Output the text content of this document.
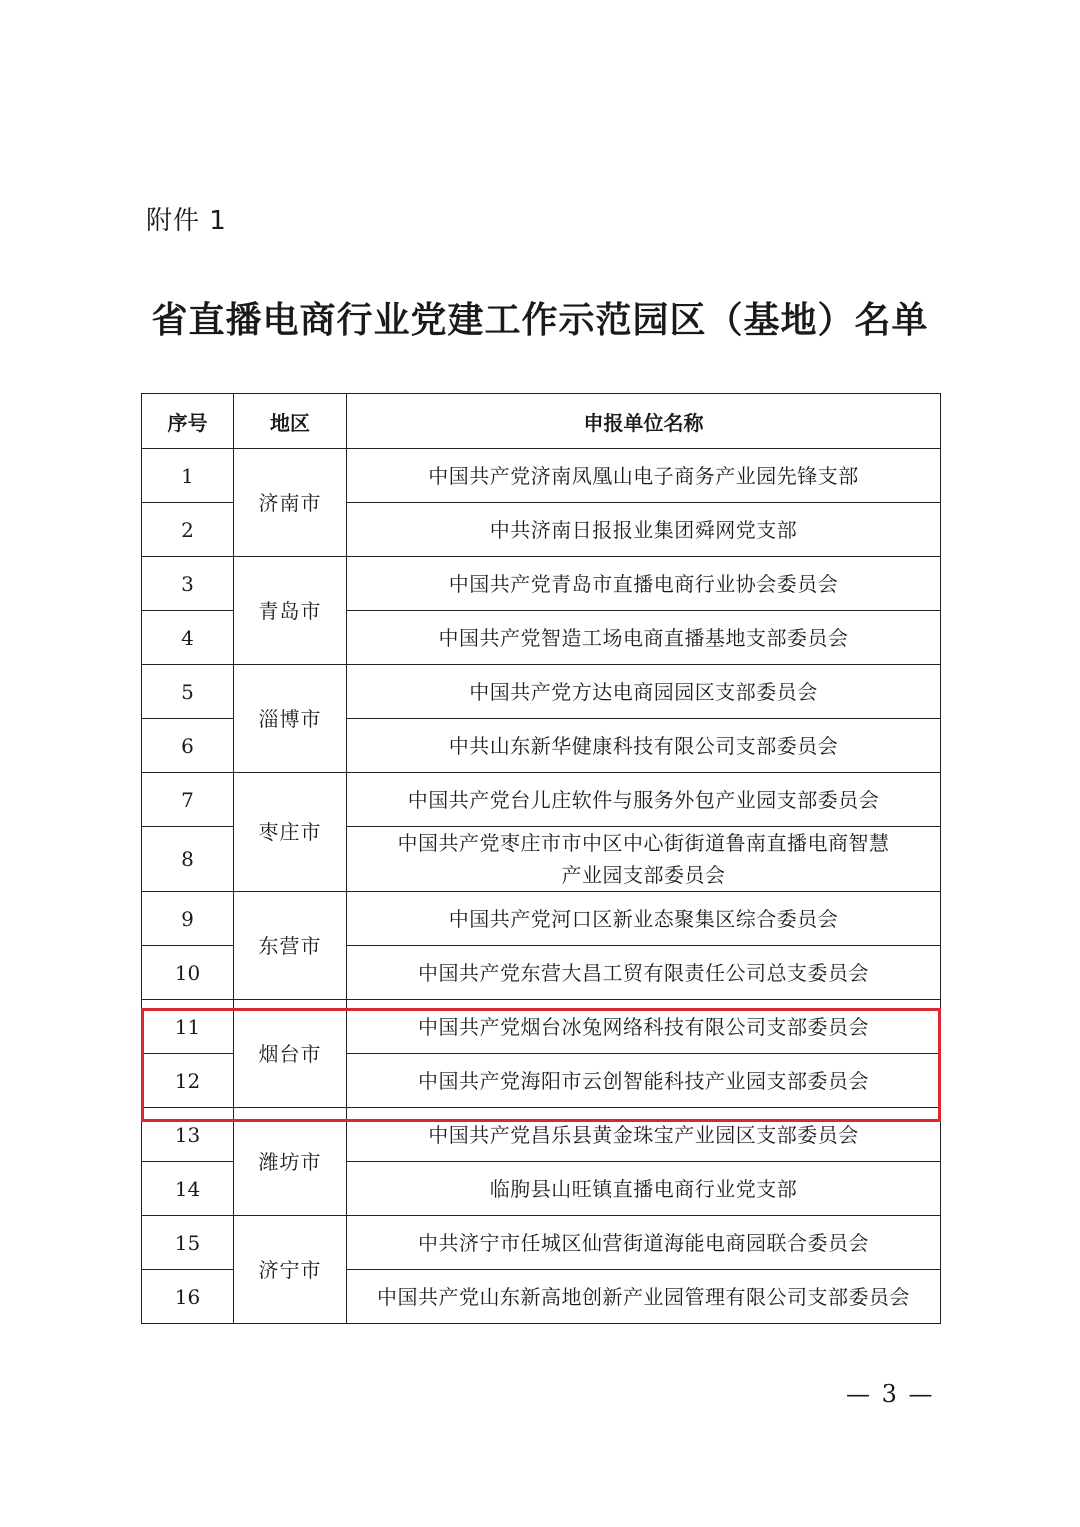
附件 1
省直播电商行业党建工作示范园区（基地）名单
序号	地区	申报单位名称
1	济南市	中国共产党济南凤凰山电子商务产业园先锋支部
2		中共济南日报报业集团舜网党支部
3	青岛市	中国共产党青岛市直播电商行业协会委员会
4		中国共产党智造工场电商直播基地支部委员会
5	淄博市	中国共产党方达电商园园区支部委员会
6		中共山东新华健康科技有限公司支部委员会
7	枣庄市	中国共产党台儿庄软件与服务外包产业园支部委员会
8		中国共产党枣庄市市中区中心街街道鲁南直播电商智慧
产业园支部委员会
9	东营市	中国共产党河口区新业态聚集区综合委员会
10		中国共产党东营大昌工贸有限责任公司总支委员会
11	烟台市	中国共产党烟台冰兔网络科技有限公司支部委员会
12		中国共产党海阳市云创智能科技产业园支部委员会
13	潍坊市	中国共产党昌乐县黄金珠宝产业园区支部委员会
14		临朐县山旺镇直播电商行业党支部
15	济宁市	中共济宁市任城区仙营街道海能电商园联合委员会
16		中国共产党山东新高地创新产业园管理有限公司支部委员会
— 3 —
